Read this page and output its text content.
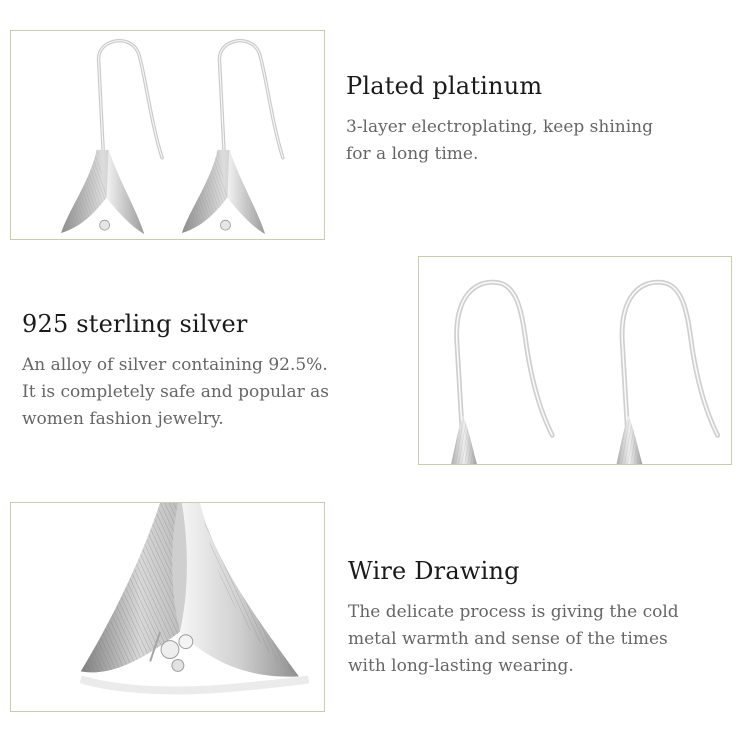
Plated platinum

3-layer electroplating, keep shining
for a long time.

925 sterling silver

An alloy of silver containing 92.5%.
It is completely safe and popular as
women fashion jewelry.

Wire Drawing

The delicate process is giving the cold
metal warmth and sense of the times
with long-lasting wearing.
